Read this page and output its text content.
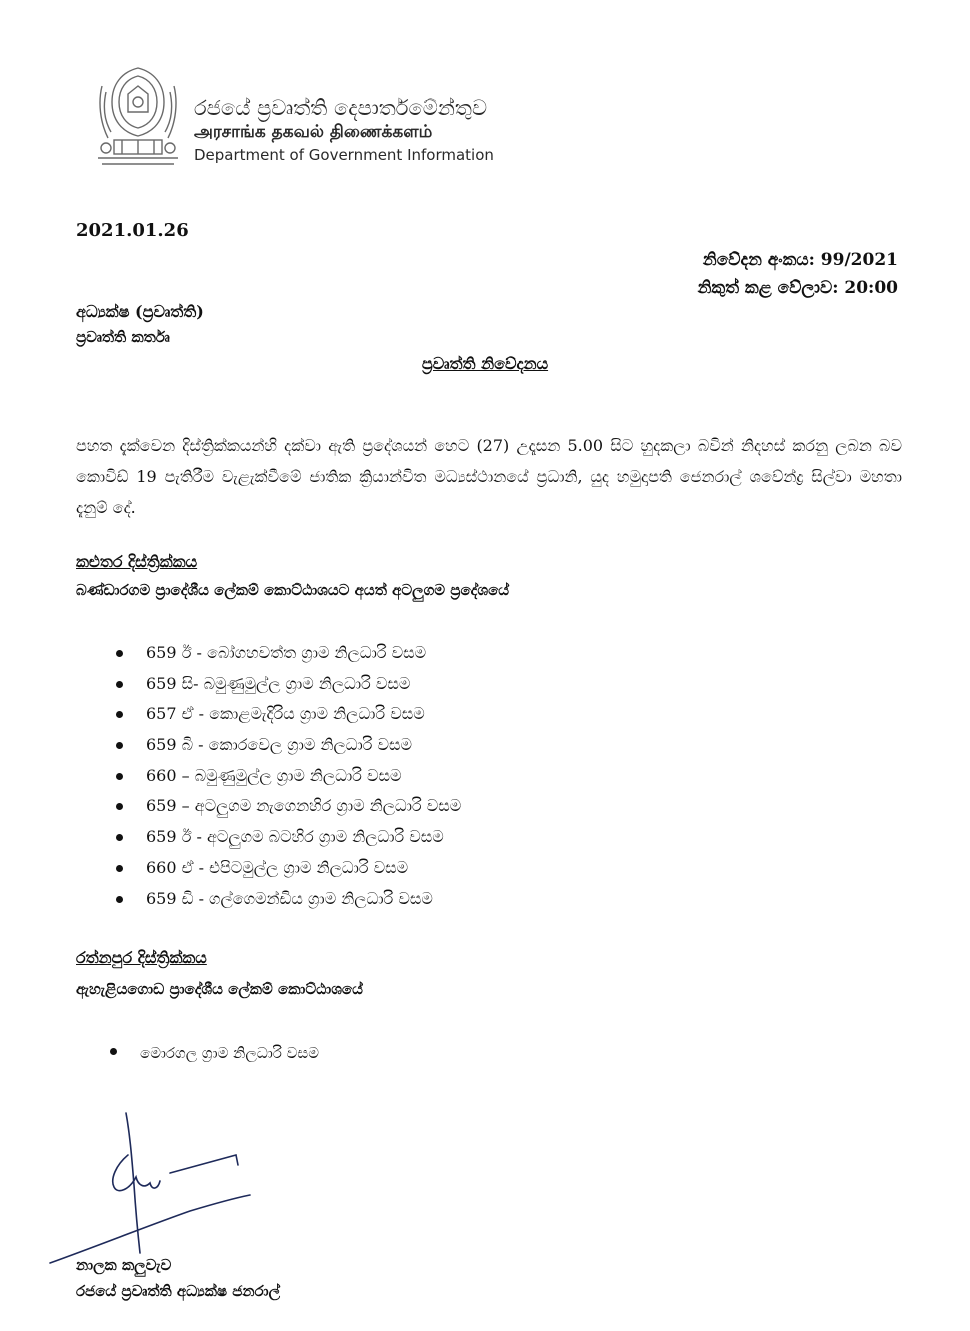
රජයේ ප්‍රවෘත්ති දෙපාර්තමේන්තුව
அரசாங்க தகவல் திணைக்களம்
Department of Government Information
2021.01.26
නිවේදන අංකය: 99/2021
නිකුත් කළ වේලාව: 20:00
අධ්‍යක්ෂ (ප්‍රවෘත්ති)
ප්‍රවෘත්ති කර්තෘ
ප්‍රවෘත්ති නිවේදනය
පහත දැක්වෙන දිස්ත්‍රික්කයන්හි දක්වා ඇති ප්‍රදේශයන් හෙට (27) උදෑසන 5.00 සිට හුදකලා බවින් නිදහස් කරනු ලබන බව කොවිඩ් 19 පැතිරීම වැළැක්වීමේ ජාතික ක්‍රියාන්විත මධ්‍යස්ථානයේ ප්‍රධානි, යුද හමුදාපති ජෙනරාල් ශවේන්ද්‍ර සිල්වා මහතා දැනුම් දේ.
කළුතර දිස්ත්‍රික්කය
බණ්ඩාරගම ප්‍රාදේශීය ලේකම් කොට්ඨාශයට අයත් අටලුගම ප්‍රදේශයේ
659 ඊ - බෝගහවත්ත ග්‍රාම නිලධාරි වසම
659 සි- බමුණුමුල්ල ග්‍රාම නිලධාරි වසම
657 ඒ - කොළමැදිරිය ග්‍රාම නිලධාරි වසම
659 බි - කොරවෙල ග්‍රාම නිලධාරි වසම
660 – බමුණුමුල්ල ග්‍රාම නිලධාරි වසම
659 – අටලුගම නැගෙනහිර ග්‍රාම නිලධාරි වසම
659 ඊ - අටලුගම බටහිර ග්‍රාම නිලධාරි වසම
660 ඒ - එපිටමුල්ල ග්‍රාම නිලධාරි වසම
659 ඩි - ගල්ගෙමන්ඩිය ග්‍රාම නිලධාරි වසම
රත්නපුර දිස්ත්‍රික්කය
ඇහැළියගොඩ ප්‍රාදේශීය ලේකම් කොට්ඨාශයේ
මොරගල ග්‍රාම නිලධාරි වසම
නාලක කලුවැව
රජයේ ප්‍රවෘත්ති අධ්‍යක්ෂ ජනරාල්
